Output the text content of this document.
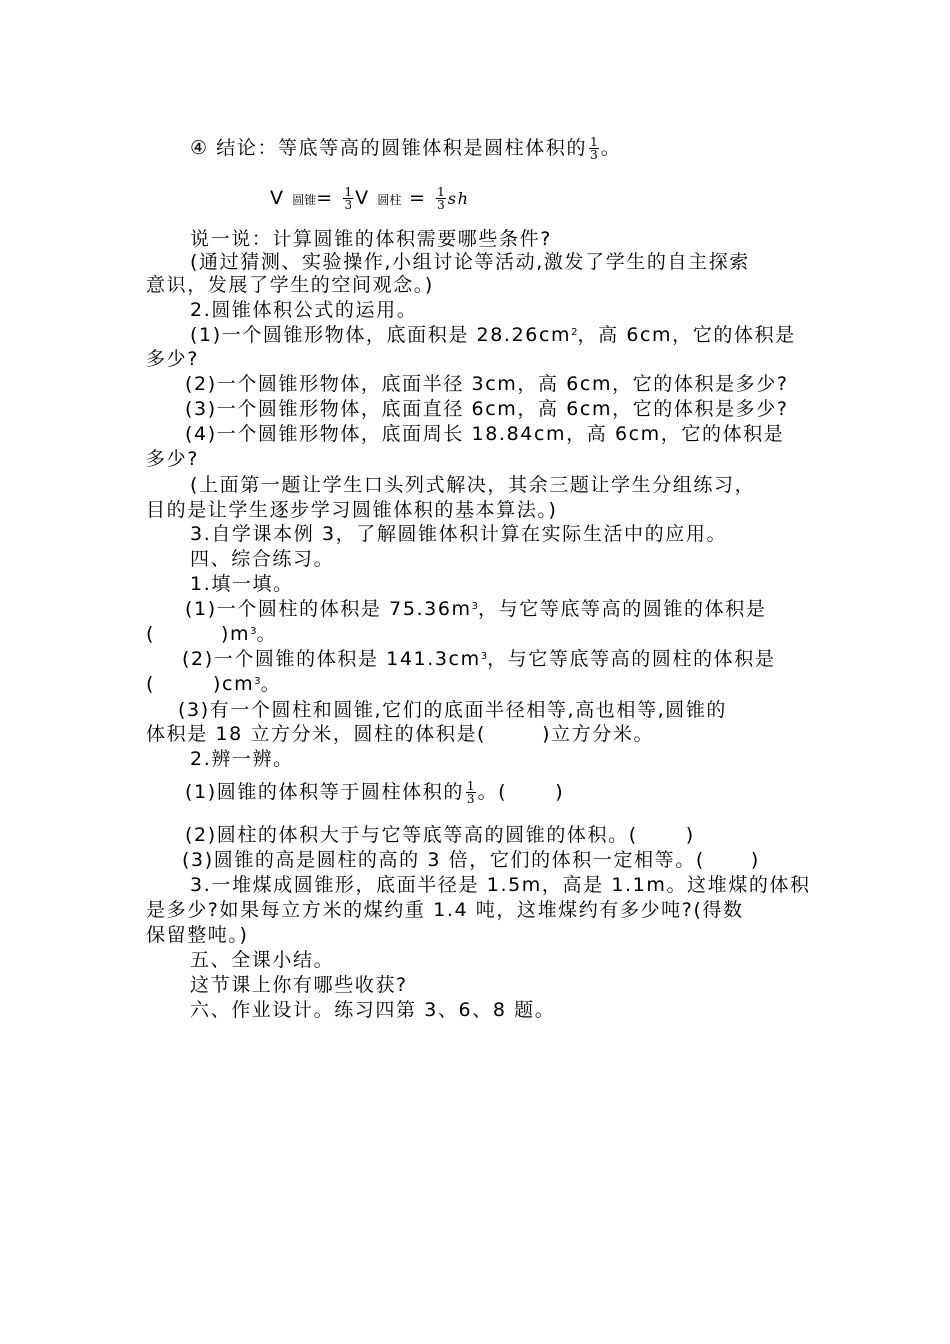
④ 结论：等底等高的圆锥体积是圆柱体积的 $\frac{1}{3}$ 。
V 圆锥= $\frac{1}{3}$ V 圆柱 = $\frac{1}{3}$ sh
说一说：计算圆锥的体积需要哪些条件?
(通过猜测、实验操作,小组讨论等活动,激发了学生的自主探索
意识，发展了学生的空间观念。)
2.圆锥体积公式的运用。
(1)一个圆锥形物体，底面积是 $28.26cm^2$，高 6cm，它的体积是
多少?
(2)一个圆锥形物体，底面半径 3cm，高 6cm，它的体积是多少?
(3)一个圆锥形物体，底面直径 6cm，高 6cm，它的体积是多少?
(4)一个圆锥形物体，底面周长 18.84cm，高 6cm，它的体积是
多少?
(上面第一题让学生口头列式解决，其余三题让学生分组练习，
目的是让学生逐步学习圆锥体积的基本算法。)
3.自学课本例 3，了解圆锥体积计算在实际生活中的应用。
四、综合练习。
1.填一填。
(1)一个圆柱的体积是 $75.36m^3$，与它等底等高的圆锥的体积是
(	)$m^3$。
(2)一个圆锥的体积是 $141.3cm^3$，与它等底等高的圆柱的体积是
(	)$cm^3$。
(3)有一个圆柱和圆锥,它们的底面半径相等,高也相等,圆锥的
体积是 18 立方分米，圆柱的体积是(	)立方分米。
2.辨一辨。
(1)圆锥的体积等于圆柱体积的 $\frac{1}{3}$ 。(	)
(2)圆柱的体积大于与它等底等高的圆锥的体积。(	)
(3)圆锥的高是圆柱的高的 3 倍，它们的体积一定相等。( )
3.一堆煤成圆锥形，底面半径是 1.5m，高是 1.1m。这堆煤的体积
是多少?如果每立方米的煤约重 1.4 吨，这堆煤约有多少吨?(得数
保留整吨。)
五、全课小结。
这节课上你有哪些收获?
六、作业设计。练习四第 3、6、8 题。
